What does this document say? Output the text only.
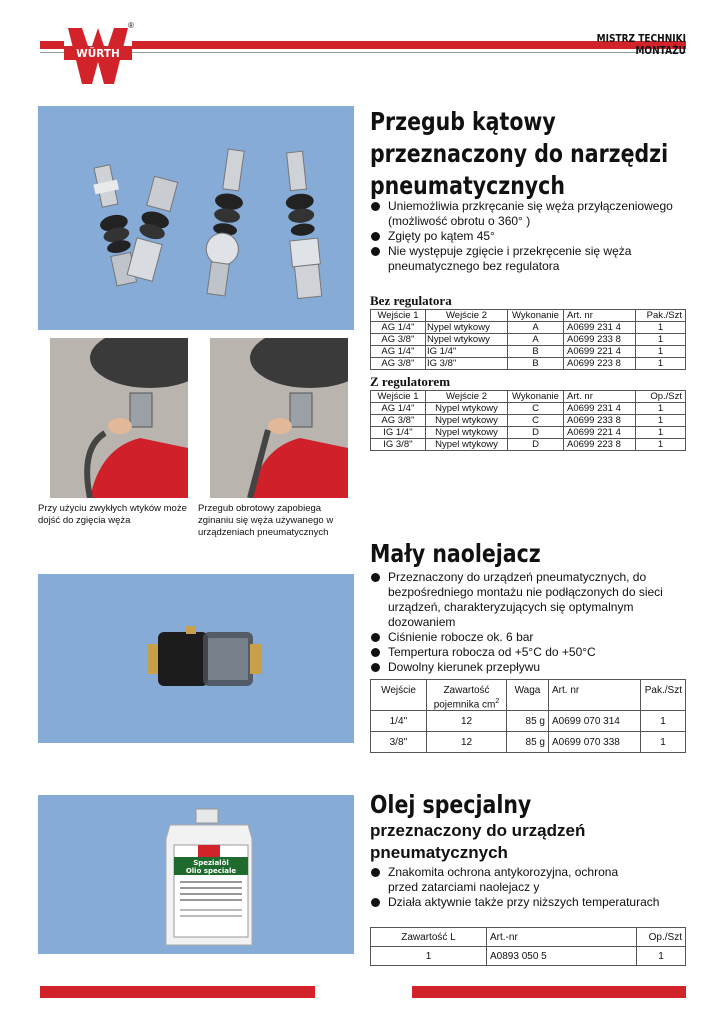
WÜRTH
®
MISTRZ TECHNIKI
MONTAŻU
Przegub kątowy
przeznaczony do narzędzi
pneumatycznych
Uniemożliwia przkręcanie się węża przyłączeniowego (możliwość obrotu o 360° )
Zgięty po kątem 45°
Nie występuje zgięcie i przekręcenie się węża pneumatycznego bez regulatora
Bez regulatora
Wejście 1	Wejście 2	Wykonanie	Art. nr	Pak./Szt
AG 1/4''	Nypel wtykowy	A	A0699 231 4	1
AG 3/8''	Nypel wtykowy	A	A0699 233 8	1
AG 1/4''	IG 1/4''	B	A0699 221 4	1
AG 3/8''	IG 3/8''	B	A0699 223 8	1
Z regulatorem
Wejście 1	Wejście 2	Wykonanie	Art. nr	Op./Szt
AG 1/4''	Nypel wtykowy	C	A0699 231 4	1
AG 3/8''	Nypel wtykowy	C	A0699 233 8	1
IG 1/4''	Nypel wtykowy	D	A0699 221 4	1
IG 3/8''	Nypel wtykowy	D	A0699 223 8	1
Przy użyciu zwykłych wtyków może dojść do zgięcia węża
Przegub obrotowy zapobiega zginaniu się węża używanego w urządzeniach pneumatycznych
Mały naolejacz
Przeznaczony do urządzeń pneumatycznych, do bezpośredniego montażu nie podłączonych do sieci urządzeń, charakteryzujących się optymalnym dozowaniem
Ciśnienie robocze ok. 6 bar
Tempertura robocza od +5°C do +50°C
Dowolny kierunek przepływu
Wejście	Zawartość pojemnika $cm^2$	Waga	Art. nr	Pak./Szt
1/4''	12	85 g	A0699 070 314	1
3/8''	12	85 g	A0699 070 338	1
Spezialöl
Olio speciale
Olej specjalny
przeznaczony do urządzeń
pneumatycznych
Znakomita ochrona antykorozyjna, ochrona przed zatarciami naolejacz y
Działa aktywnie także przy niższych temperaturach
Zawartość L	Art.-nr	Op./Szt
1	A0893 050 5	1
